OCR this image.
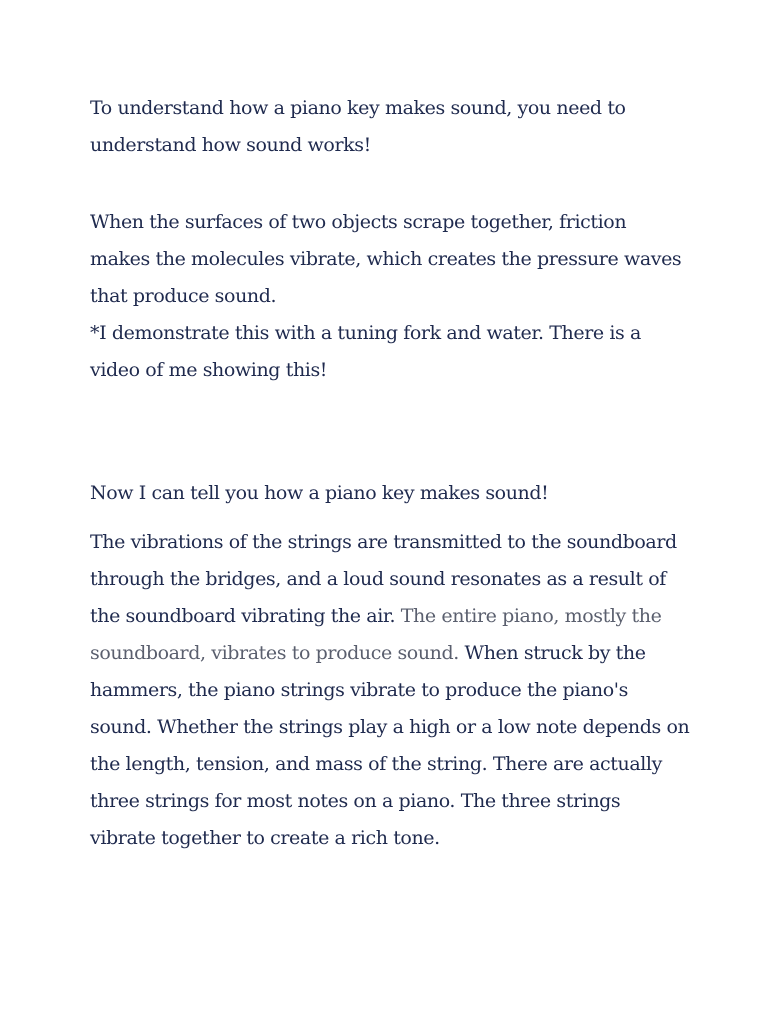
To understand how a piano key makes sound, you need to understand how sound works!

When the surfaces of two objects scrape together, friction makes the molecules vibrate, which creates the pressure waves that produce sound.

*I demonstrate this with a tuning fork and water. There is a video of me showing this!

Now I can tell you how a piano key makes sound!

The vibrations of the strings are transmitted to the soundboard through the bridges, and a loud sound resonates as a result of the soundboard vibrating the air. The entire piano, mostly the soundboard, vibrates to produce sound. When struck by the hammers, the piano strings vibrate to produce the piano's sound. Whether the strings play a high or a low note depends on the length, tension, and mass of the string. There are actually three strings for most notes on a piano. The three strings vibrate together to create a rich tone.
